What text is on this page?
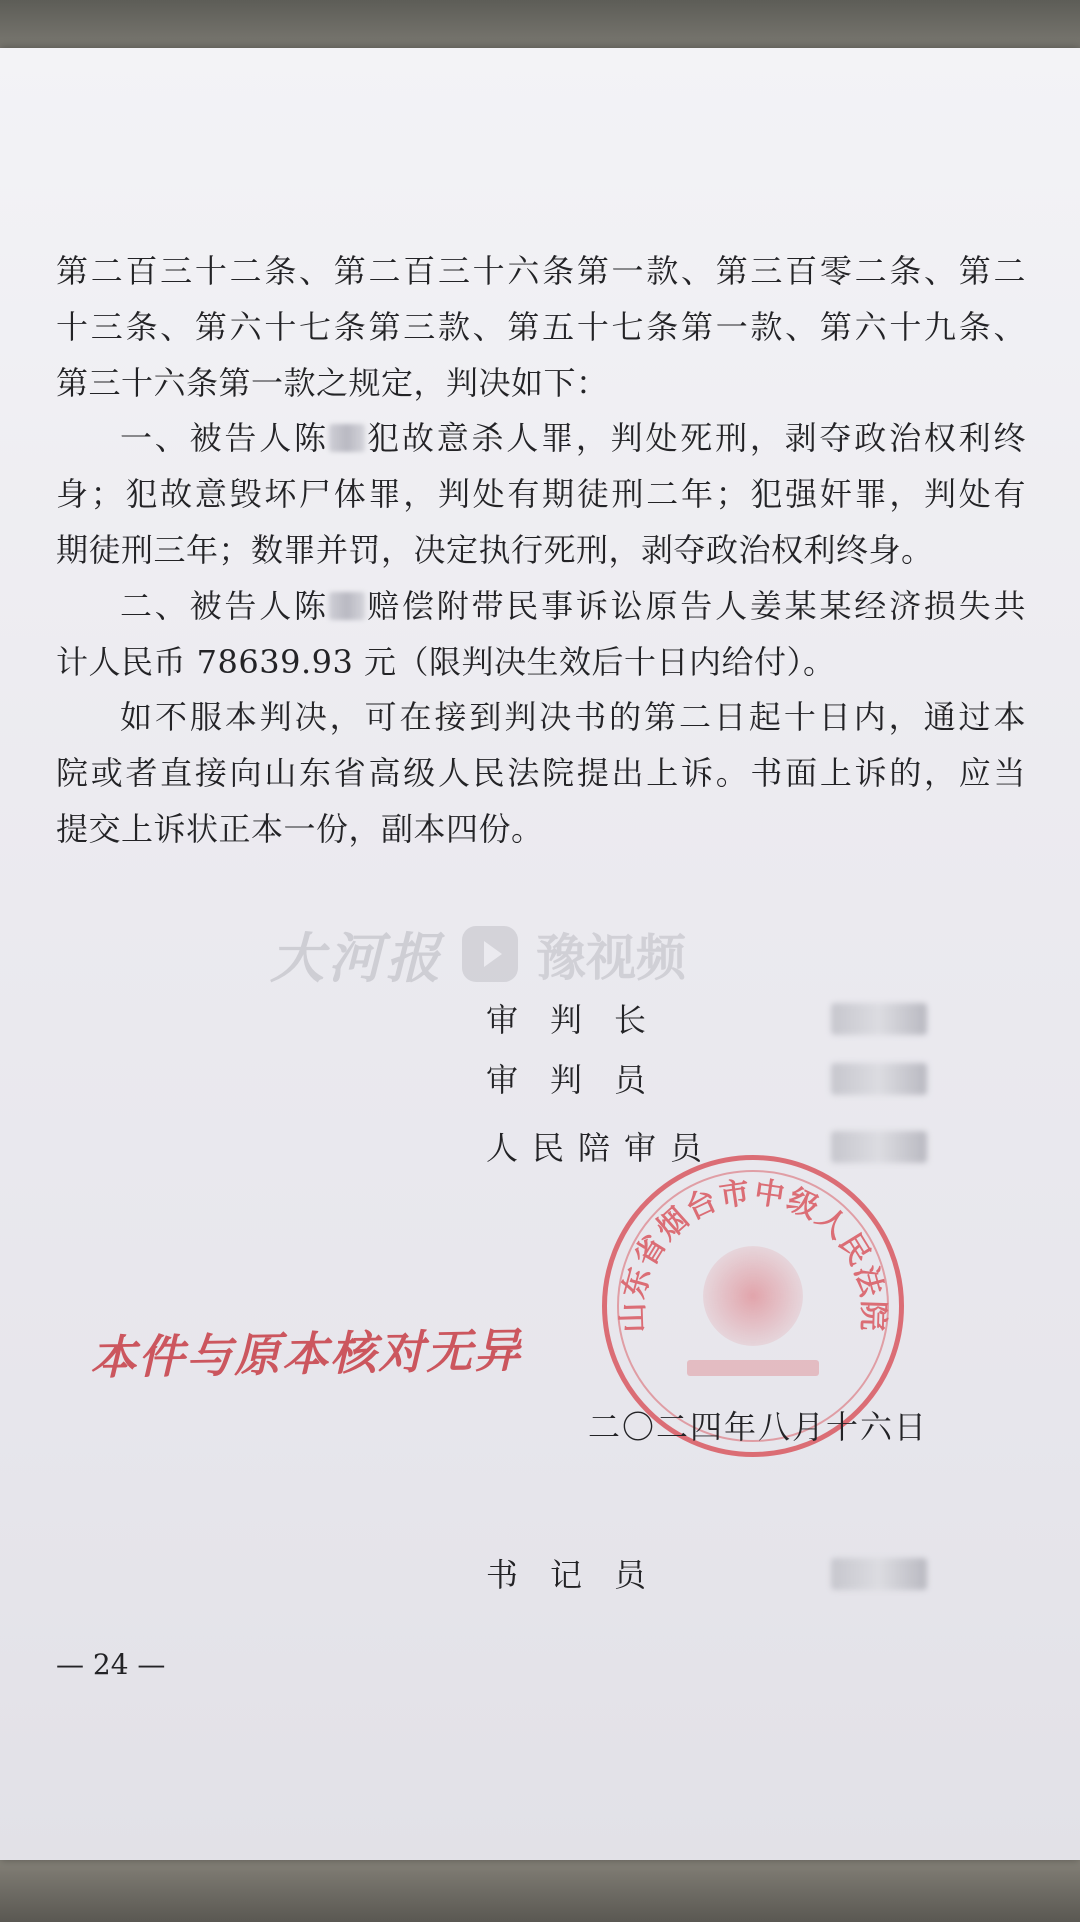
第二百三十二条、第二百三十六条第一款、第三百零二条、第二
十三条、第六十七条第三款、第五十七条第一款、第六十九条、
第三十六条第一款之规定，判决如下：
一、被告人陈 犯故意杀人罪，判处死刑，剥夺政治权利终
身；犯故意毁坏尸体罪，判处有期徒刑二年；犯强奸罪，判处有
期徒刑三年；数罪并罚，决定执行死刑，剥夺政治权利终身。
二、被告人陈 赔偿附带民事诉讼原告人姜某某经济损失共
计人民币 78639.93 元（限判决生效后十日内给付）。
如不服本判决，可在接到判决书的第二日起十日内，通过本
院或者直接向山东省高级人民法院提出上诉。书面上诉的，应当
提交上诉状正本一份，副本四份。
大河报 豫视频
审　判　长
审　判　员
人民陪审员
山东省烟台市中级人民法院
本件与原本核对无异
二〇二四年八月十六日
书　记　员
— 24 —
